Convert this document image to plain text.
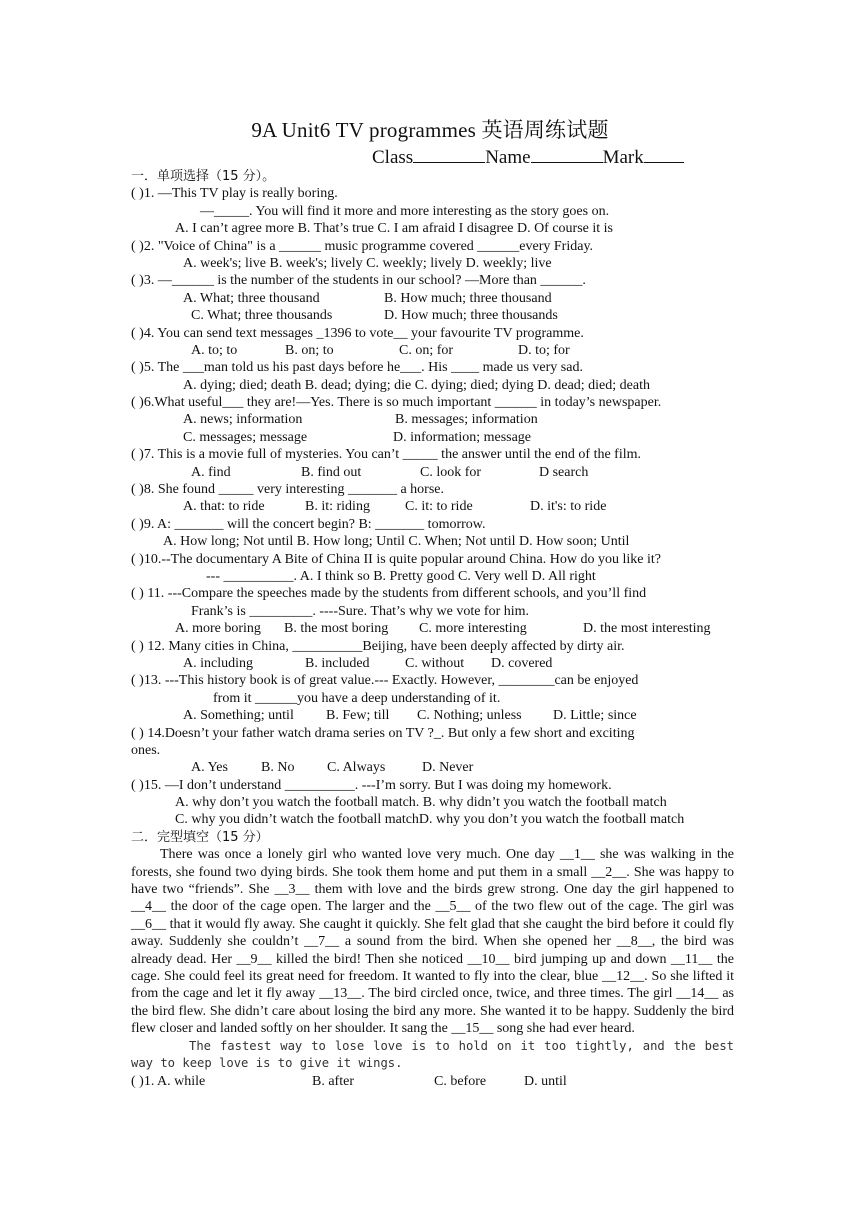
9A Unit6 TV programmes 英语周练试题
Class	Name	Mark
一．单项选择（15 分）。
( )1. —This TV play is really boring.
—_____. You will find it more and more interesting as the story goes on.
A. I can’t agree more B. That’s true C. I am afraid I disagree D. Of course it is
( )2. "Voice of China" is a ______ music programme covered ______every Friday.
A. week's; live B. week's; lively C. weekly; lively D. weekly; live
( )3. —______ is the number of the students in our school? —More than ______.
A. What; three thousand	B. How much; three thousand
C. What; three thousands	D. How much; three thousands
( )4. You can send text messages _1396 to vote__ your favourite TV programme.
A. to; to	B. on; to	C. on; for	D. to; for
( )5. The ___man told us his past days before he___. His ____ made us very sad.
A. dying; died; death B. dead; dying; die C. dying; died; dying D. dead; died; death
( )6.What useful___ they are!—Yes. There is so much important ______ in today’s newspaper.
A. news; information	B. messages; information
C. messages; message	D. information; message
( )7. This is a movie full of mysteries. You can’t _____ the answer until the end of the film.
A. find	B. find out	C. look for	D search
( )8. She found _____ very interesting _______ a horse.
A. that: to ride	B. it: riding	C. it: to ride	D. it's: to ride
( )9. A: _______ will the concert begin? B: _______ tomorrow.
A. How long; Not until B. How long; Until C. When; Not until D. How soon; Until
( )10.--The documentary A Bite of China II is quite popular around China. How do you like it?
--- __________. A. I think so B. Pretty good C. Very well D. All right
( ) 11. ---Compare the speeches made by the students from different schools, and you’ll find
Frank’s is _________. ----Sure. That’s why we vote for him.
A. more boring B. the most boring C. more interesting	D. the most interesting
( ) 12. Many cities in China, __________Beijing, have been deeply affected by dirty air.
A. including	B. included	C. without D. covered
( )13. ---This history book is of great value.--- Exactly. However, ________can be enjoyed
from it ______you have a deep understanding of it.
A. Something; until B. Few; till C. Nothing; unless D. Little; since
( ) 14.Doesn’t your father watch drama series on TV ?_. But only a few short and exciting
ones.
A. Yes B. No C. Always	D. Never
( )15. —I don’t understand __________. ---I’m sorry. But I was doing my homework.
A. why don’t you watch the football match. B. why didn’t you watch the football match
C. why you didn’t watch the football matchD. why you don’t you watch the football match
二．完型填空（15 分）
There was once a lonely girl who wanted love very much. One day __1__ she was walking in the forests, she found two dying birds. She took them home and put them in a small __2__. She was happy to have two “friends”. She __3__ them with love and the birds grew strong. One day the girl happened to __4__ the door of the cage open. The larger and the __5__ of the two flew out of the cage. The girl was __6__ that it would fly away. She caught it quickly. She felt glad that she caught the bird before it could fly away. Suddenly she couldn’t __7__ a sound from the bird. When she opened her __8__, the bird was already dead. Her __9__ killed the bird! Then she noticed __10__ bird jumping up and down __11__ the cage. She could feel its great need for freedom. It wanted to fly into the clear, blue __12__. So she lifted it from the cage and let it fly away __13__. The bird circled once, twice, and three times. The girl __14__ as the bird flew. She didn’t care about losing the bird any more. She wanted it to be happy. Suddenly the bird flew closer and landed softly on her shoulder. It sang the __15__ song she had ever heard.
The fastest way to lose love is to hold on it too tightly, and the best way to keep love is to give it wings.
( )1. A. while	B. after	C. before	D. until
